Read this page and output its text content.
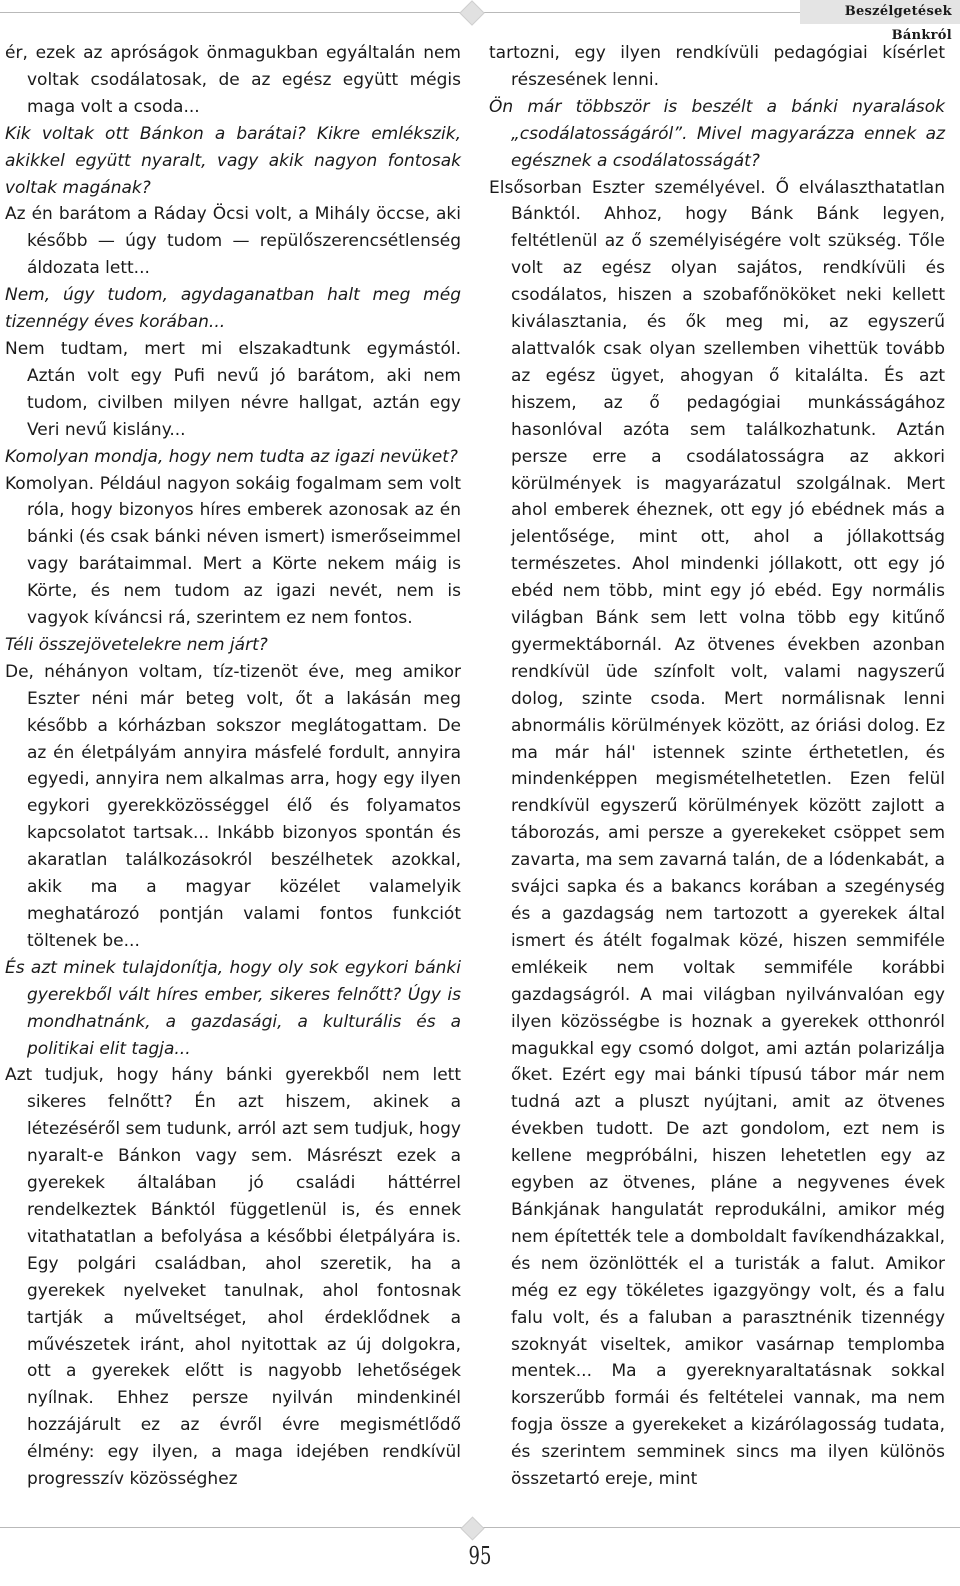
Beszélgetések Bánkról

ér, ezek az apróságok önmagukban egyáltalán nem voltak csodálatosak, de az egész együtt mégis maga volt a csoda...

Kik voltak ott Bánkon a barátai? Kikre emlékszik, akikkel együtt nyaralt, vagy akik nagyon fontosak voltak magának?

Az én barátom a Ráday Öcsi volt, a Mihály öccse, aki később — úgy tudom — repülőszerencsétlenség áldozata lett...

Nem, úgy tudom, agydaganatban halt meg még tizennégy éves korában...

Nem tudtam, mert mi elszakadtunk egymástól. Aztán volt egy Pufi nevű jó barátom, aki nem tudom, civilben milyen névre hallgat, aztán egy Veri nevű kislány...

Komolyan mondja, hogy nem tudta az igazi nevüket?

Komolyan. Például nagyon sokáig fogalmam sem volt róla, hogy bizonyos híres emberek azonosak az én bánki (és csak bánki néven ismert) ismerőseimmel vagy barátaimmal. Mert a Körte nekem máig is Körte, és nem tudom az igazi nevét, nem is vagyok kíváncsi rá, szerintem ez nem fontos.

Téli összejövetelekre nem járt?

De, néhányon voltam, tíz-tizenöt éve, meg amikor Eszter néni már beteg volt, őt a lakásán meg később a kórházban sokszor meglátogattam. De az én életpályám annyira másfelé fordult, annyira egyedi, annyira nem alkalmas arra, hogy egy ilyen egykori gyerekközösséggel élő és folyamatos kapcsolatot tartsak... Inkább bizonyos spontán és akaratlan találkozásokról beszélhetek azokkal, akik ma a magyar közélet valamelyik meghatározó pontján valami fontos funkciót töltenek be...

És azt minek tulajdonítja, hogy oly sok egykori bánki gyerekből vált híres ember, sikeres felnőtt? Úgy is mondhatnánk, a gazdasági, a kulturális és a politikai elit tagja...

Azt tudjuk, hogy hány bánki gyerekből nem lett sikeres felnőtt? Én azt hiszem, akinek a létezéséről sem tudunk, arról azt sem tudjuk, hogy nyaralt-e Bánkon vagy sem. Másrészt ezek a gyerekek általában jó családi háttérrel rendelkeztek Bánktól függetlenül is, és ennek vitathatatlan a befolyása a későbbi életpályára is. Egy polgári családban, ahol szeretik, ha a gyerekek nyelveket tanulnak, ahol fontosnak tartják a műveltséget, ahol érdeklődnek a művészetek iránt, ahol nyitottak az új dolgokra, ott a gyerekek előtt is nagyobb lehetőségek nyílnak. Ehhez persze nyilván mindenkinél hozzájárult ez az évről évre megismétlődő élmény: egy ilyen, a maga idejében rendkívül progresszív közösséghez

tartozni, egy ilyen rendkívüli pedagógiai kísérlet részesének lenni.

Ön már többször is beszélt a bánki nyaralások „csodálatosságáról”. Mivel magyarázza ennek az egésznek a csodálatosságát?

Elsősorban Eszter személyével. Ő elválaszthatatlan Bánktól. Ahhoz, hogy Bánk Bánk legyen, feltétlenül az ő személyiségére volt szükség. Tőle volt az egész olyan sajátos, rendkívüli és csodálatos, hiszen a szobafőnököket neki kellett kiválasztania, és ők meg mi, az egyszerű alattvalók csak olyan szellemben vihettük tovább az egész ügyet, ahogyan ő kitalálta. És azt hiszem, az ő pedagógiai munkásságához hasonlóval azóta sem találkozhatunk. Aztán persze erre a csodálatosságra az akkori körülmények is magyarázatul szolgálnak. Mert ahol emberek éheznek, ott egy jó ebédnek más a jelentősége, mint ott, ahol a jóllakottság természetes. Ahol mindenki jóllakott, ott egy jó ebéd nem több, mint egy jó ebéd. Egy normális világban Bánk sem lett volna több egy kitűnő gyermektábornál. Az ötvenes években azonban rendkívül üde színfolt volt, valami nagyszerű dolog, szinte csoda. Mert normálisnak lenni abnormális körülmények között, az óriási dolog. Ez ma már hál' istennek szinte érthetetlen, és mindenképpen megismételhetetlen. Ezen felül rendkívül egyszerű körülmények között zajlott a táborozás, ami persze a gyerekeket csöppet sem zavarta, ma sem zavarná talán, de a lódenkabát, a svájci sapka és a bakancs korában a szegénység és a gazdagság nem tartozott a gyerekek által ismert és átélt fogalmak közé, hiszen semmiféle emlékeik nem voltak semmiféle korábbi gazdagságról. A mai világban nyilvánvalóan egy ilyen közösségbe is hoznak a gyerekek otthonról magukkal egy csomó dolgot, ami aztán polarizálja őket. Ezért egy mai bánki típusú tábor már nem tudná azt a pluszt nyújtani, amit az ötvenes években tudott. De azt gondolom, ezt nem is kellene megpróbálni, hiszen lehetetlen egy az egyben az ötvenes, pláne a negyvenes évek Bánkjának hangulatát reprodukálni, amikor még nem építették tele a domboldalt favíkendházakkal, és nem özönlötték el a turisták a falut. Amikor még ez egy tökéletes igazgyöngy volt, és a falu falu volt, és a faluban a parasztnénik tizennégy szoknyát viseltek, amikor vasárnap templomba mentek... Ma a gyereknyaraltatásnak sokkal korszerűbb formái és feltételei vannak, ma nem fogja össze a gyerekeket a kizárólagosság tudata, és szerintem semminek sincs ma ilyen különös összetartó ereje, mint

95
